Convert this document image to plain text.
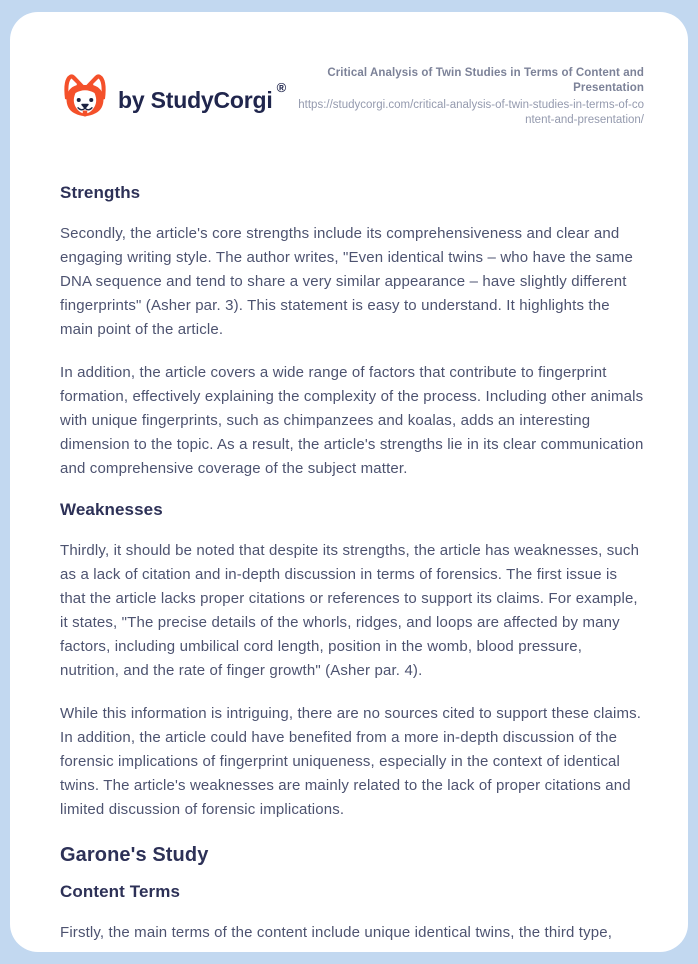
by StudyCorgi ®
Critical Analysis of Twin Studies in Terms of Content and Presentation
https://studycorgi.com/critical-analysis-of-twin-studies-in-terms-of-content-and-presentation/
Strengths

Secondly, the article's core strengths include its comprehensiveness and clear and engaging writing style. The author writes, "Even identical twins – who have the same DNA sequence and tend to share a very similar appearance – have slightly different fingerprints" (Asher par. 3). This statement is easy to understand. It highlights the main point of the article.

In addition, the article covers a wide range of factors that contribute to fingerprint formation, effectively explaining the complexity of the process. Including other animals with unique fingerprints, such as chimpanzees and koalas, adds an interesting dimension to the topic. As a result, the article's strengths lie in its clear communication and comprehensive coverage of the subject matter.

Weaknesses

Thirdly, it should be noted that despite its strengths, the article has weaknesses, such as a lack of citation and in-depth discussion in terms of forensics. The first issue is that the article lacks proper citations or references to support its claims. For example, it states, "The precise details of the whorls, ridges, and loops are affected by many factors, including umbilical cord length, position in the womb, blood pressure, nutrition, and the rate of finger growth" (Asher par. 4).

While this information is intriguing, there are no sources cited to support these claims. In addition, the article could have benefited from a more in-depth discussion of the forensic implications of fingerprint uniqueness, especially in the context of identical twins. The article's weaknesses are mainly related to the lack of proper citations and limited discussion of forensic implications.

Garone's Study
Content Terms

Firstly, the main terms of the content include unique identical twins, the third type,
